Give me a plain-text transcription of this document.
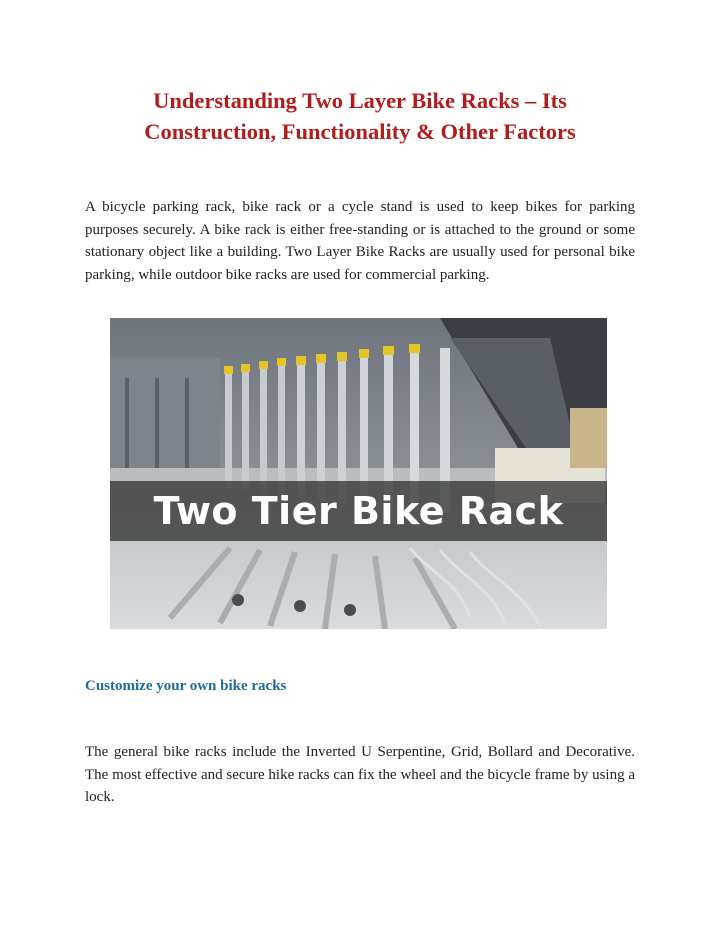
Understanding Two Layer Bike Racks – Its
Construction, Functionality & Other Factors

A bicycle parking rack, bike rack or a cycle stand is used to keep bikes for parking purposes securely. A bike rack is either free-standing or is attached to the ground or some stationary object like a building. Two Layer Bike Racks are usually used for personal bike parking, while outdoor bike racks are used for commercial parking.

Two Tier Bike Rack
Customize your own bike racks

The general bike racks include the Inverted U Serpentine, Grid, Bollard and Decorative. The most effective and secure hike racks can fix the wheel and the bicycle frame by using a lock.
